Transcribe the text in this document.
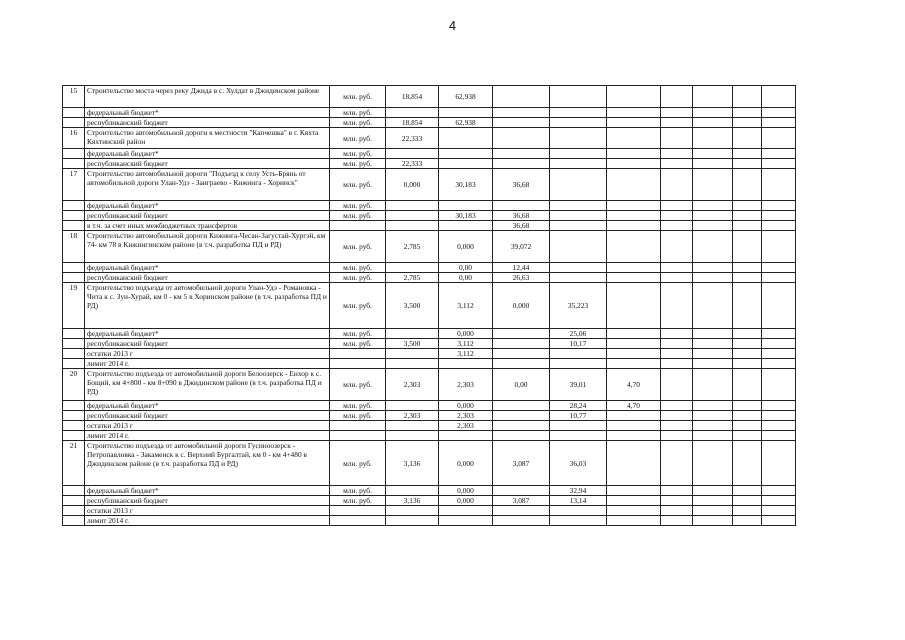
4
15	Строительство моста через реку Джида в с. Хулдат в Джидинском районе	млн. руб.	18,854	62,938							
	федеральный бюджет*	млн. руб.									
	республиканский бюджет	млн. руб.	18,854	62,938							
16	Строительство автомобильной дороги к местности "Капчешка" в г. Кяхта Кяхтинский район	млн. руб.	22,333								
	федеральный бюджет*	млн. руб.									
	республиканский бюджет	млн. руб.	22,333								
17	Строительство автомобильной дороги "Подъезд к селу Усть-Брянь от автомобильной дороги Улан-Удэ - Заиграево - Кижинга - Хоринск"	млн. руб.	0,000	30,183	36,68						
	федеральный бюджет*	млн. руб.									
	республиканский бюджет	млн. руб.		30,183	36,68						
	в т.ч. за счет иных межбюджетных трансфертов				36,68						
18	Строительство автомобильной дороги Кижинга-Чесан-Загустай-Хургэй, км 74- км 78 в Кижингинском районе (в т.ч. разработка ПД и РД)	млн. руб.	2,785	0,000	39,072						
	федеральный бюджет*	млн. руб.		0,00	12,44						
	республиканский бюджет	млн. руб.	2,785	0,00	26,63						
19	Строительство подъезда от автомобильной дороги Улан-Удэ - Романовка - Чита к с. Зун-Хурай, км 0 - км 5 в Хоринском районе (в т.ч. разработка ПД и РД)	млн. руб.	3,500	3,112	0,000	35,223					
	федеральный бюджет*	млн. руб.		0,000		25,06					
	республиканский бюджет	млн. руб.	3,500	3,112		10,17					
	остатки 2013 г			3,112							
	лимит 2014 г.										
20	Строительство подъезда от автомобильной дороги Белоозерск - Енхор к с. Бощий, км 4+800 - км 8+090 в Джидинском районе (в т.ч. разработка ПД и РД)	млн. руб.	2,303	2,303	0,00	39,01	4,70				
	федеральный бюджет*	млн. руб.		0,000		28,24	4,70				
	республиканский бюджет	млн. руб.	2,303	2,303		10,77					
	остатки 2013 г			2,303							
	лимит 2014 г.										
21	Строительство подъезда от автомобильной дороги Гусиноозерск - Петропавловка - Закаменск к с. Верхний Бургалтай, км 0 - км 4+480 в Джидинском районе (в т.ч. разработка ПД и РД)	млн. руб.	3,136	0,000	3,087	36,03					
	федеральный бюджет*	млн. руб.		0,000		32,94					
	республиканский бюджет	млн. руб.	3,136	0,000	3,087	13,14					
	остатки 2013 г										
	лимит 2014 г.										
